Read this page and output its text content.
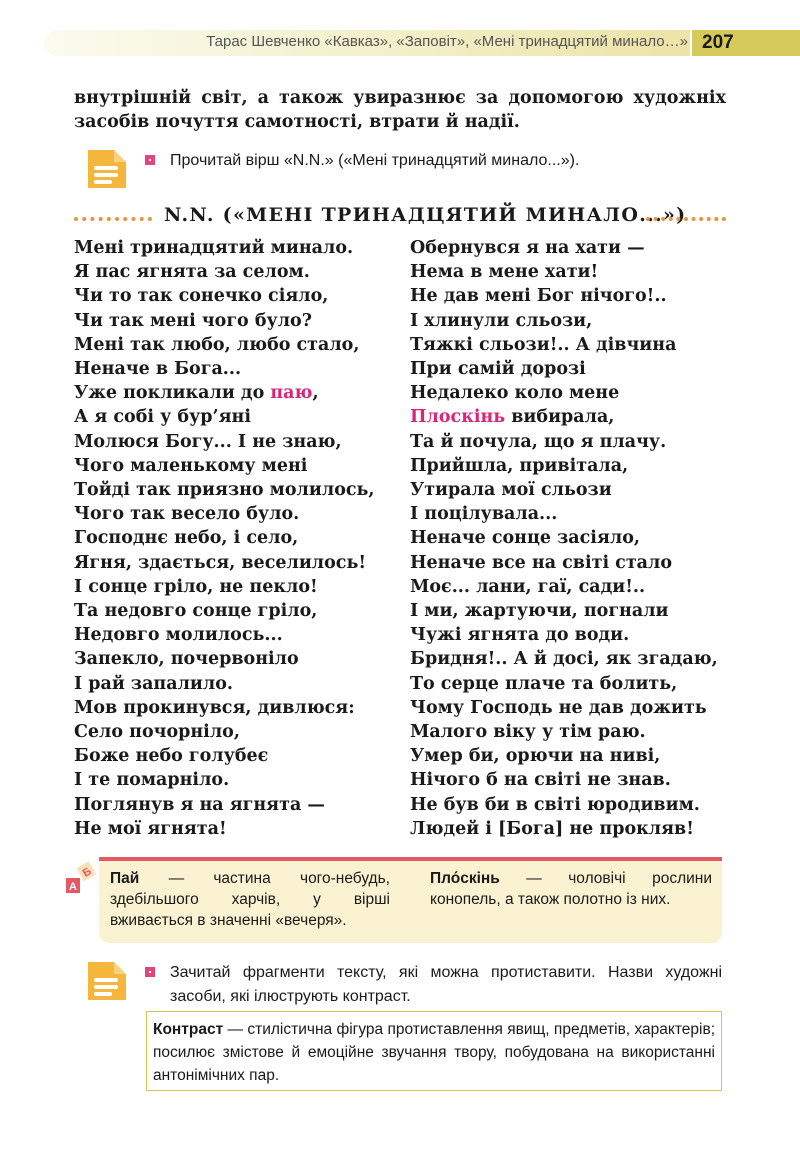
Тарас Шевченко «Кавказ», «Заповіт», «Мені тринадцятий минало…» 207
внутрішній світ, а також увиразнює за допомогою художніх засобів почуття самотності, втрати й надії.
Прочитай вірш «N.N.» («Мені тринадцятий минало...»).
N.N. («МЕНІ ТРИНАДЦЯТИЙ МИНАЛО...»)
Мені тринадцятий минало.
Я пас ягнята за селом.
Чи то так сонечко сіяло,
Чи так мені чого було?
Мені так любо, любо стало,
Неначе в Бога...
Уже покликали до паю,
А я собі у бур’яні
Молюся Богу... І не знаю,
Чого маленькому мені
Тойді так приязно молилось,
Чого так весело було.
Господнє небо, і село,
Ягня, здається, веселилось!
І сонце гріло, не пекло!
Та недовго сонце гріло,
Недовго молилось...
Запекло, почервоніло
І рай запалило.
Мов прокинувся, дивлюся:
Село почорніло,
Боже небо голубеє
І те помарніло.
Поглянув я на ягнята —
Не мої ягнята!
Обернувся я на хати —
Нема в мене хати!
Не дав мені Бог нічого!..
І хлинули сльози,
Тяжкі сльози!.. А дівчина
При самій дорозі
Недалеко коло мене
Плоскінь вибирала,
Та й почула, що я плачу.
Прийшла, привітала,
Утирала мої сльози
І поцілувала...
Неначе сонце засіяло,
Неначе все на світі стало
Моє... лани, гаї, сади!..
І ми, жартуючи, погнали
Чужі ягнята до води.
Бридня!.. А й досі, як згадаю,
То серце плаче та болить,
Чому Господь не дав дожить
Малого віку у тім раю.
Умер би, орючи на ниві,
Нічого б на світі не знав.
Не був би в світі юродивим.
Людей і [Бога] не прокляв!
А
Б Пай — частина чого-небудь, здебільшого харчів, у вірші вживається в значенні «вечеря».
Пло́скінь — чоловічі рослини конопель, а також полотно із них.
Зачитай фрагменти тексту, які можна протиставити. Назви художні засоби, які ілюструють контраст.
Контраст — стилістична фігура протиставлення явищ, предметів, характерів; посилює змістове й емоційне звучання твору, побудована на використанні антонімічних пар.
